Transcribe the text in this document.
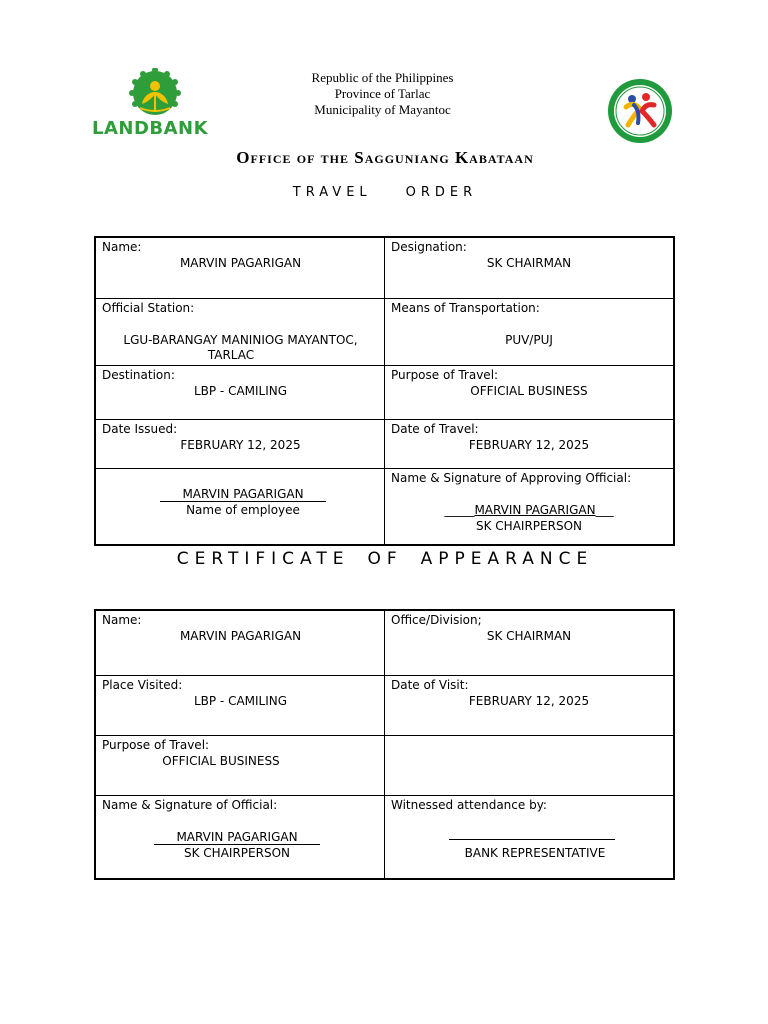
LANDBANK
Republic of the Philippines
Province of Tarlac
Municipality of Mayantoc
Office of the Sagguniang Kabataan
TRAVEL	ORDER
Name:
MARVIN PAGARIGAN
Designation:
SK CHAIRMAN
Official Station:
LGU-BARANGAY MANINIOG MAYANTOC,
TARLAC
Means of Transportation:
PUV/PUJ
Destination:
LBP - CAMILING
Purpose of Travel:
OFFICIAL BUSINESS
Date Issued:
FEBRUARY 12, 2025
Date of Travel:
FEBRUARY 12, 2025
MARVIN PAGARIGAN
Name of employee
Name & Signature of Approving Official:
_____MARVIN PAGARIGAN___
SK CHAIRPERSON
CERTIFICATE OF APPEARANCE
Name:
MARVIN PAGARIGAN
Office/Division;
SK CHAIRMAN
Place Visited:
LBP - CAMILING
Date of Visit:
FEBRUARY 12, 2025
Purpose of Travel:
OFFICIAL BUSINESS
Name & Signature of Official:
MARVIN PAGARIGAN
SK CHAIRPERSON
Witnessed attendance by:
BANK REPRESENTATIVE
